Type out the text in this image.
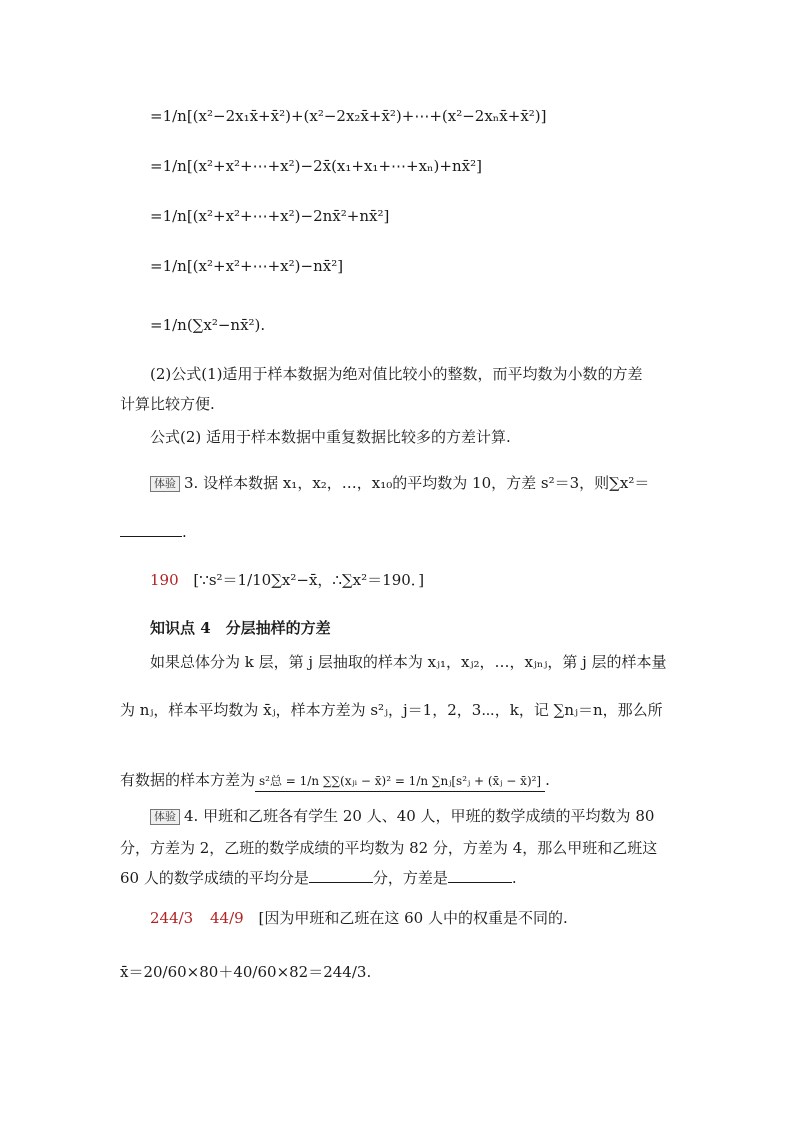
=1/n[(x²−2x₁x̄+x̄²)+(x²−2x₂x̄+x̄²)+⋯+(x²−2xₙx̄+x̄²)]
=1/n[(x²+x²+⋯+x²)−2x̄(x₁+x₁+⋯+xₙ)+nx̄²]
=1/n[(x²+x²+⋯+x²)−2nx̄²+nx̄²]
=1/n[(x²+x²+⋯+x²)−nx̄²]
=1/n(∑x²−nx̄²).
(2)公式(1)适用于样本数据为绝对值比较小的整数，而平均数为小数的方差
计算比较方便.
公式(2) 适用于样本数据中重复数据比较多的方差计算.
体验 3. 设样本数据 x₁，x₂，…，x₁₀的平均数为 10，方差 s²＝3，则∑x²＝
.
190 [∵s²＝1/10∑x²−x̄，∴∑x²＝190．]
知识点 4　分层抽样的方差
如果总体分为 k 层，第 j 层抽取的样本为 xⱼ₁，xⱼ₂，…，xⱼₙⱼ，第 j 层的样本量
为 nⱼ，样本平均数为 x̄ⱼ，样本方差为 s²ⱼ，j＝1，2，3⋯，k，记 ∑nⱼ＝n，那么所
有数据的样本方差为 s²总 = 1/n ∑∑(xⱼᵢ − x̄)² = 1/n ∑nⱼ[s²ⱼ + (x̄ⱼ − x̄)²] .
体验 4. 甲班和乙班各有学生 20 人、40 人，甲班的数学成绩的平均数为 80
分，方差为 2，乙班的数学成绩的平均数为 82 分，方差为 4，那么甲班和乙班这
60 人的数学成绩的平均分是	分，方差是	.
244/3 44/9 [因为甲班和乙班在这 60 人中的权重是不同的.
x̄＝20/60×80＋40/60×82＝244/3.
